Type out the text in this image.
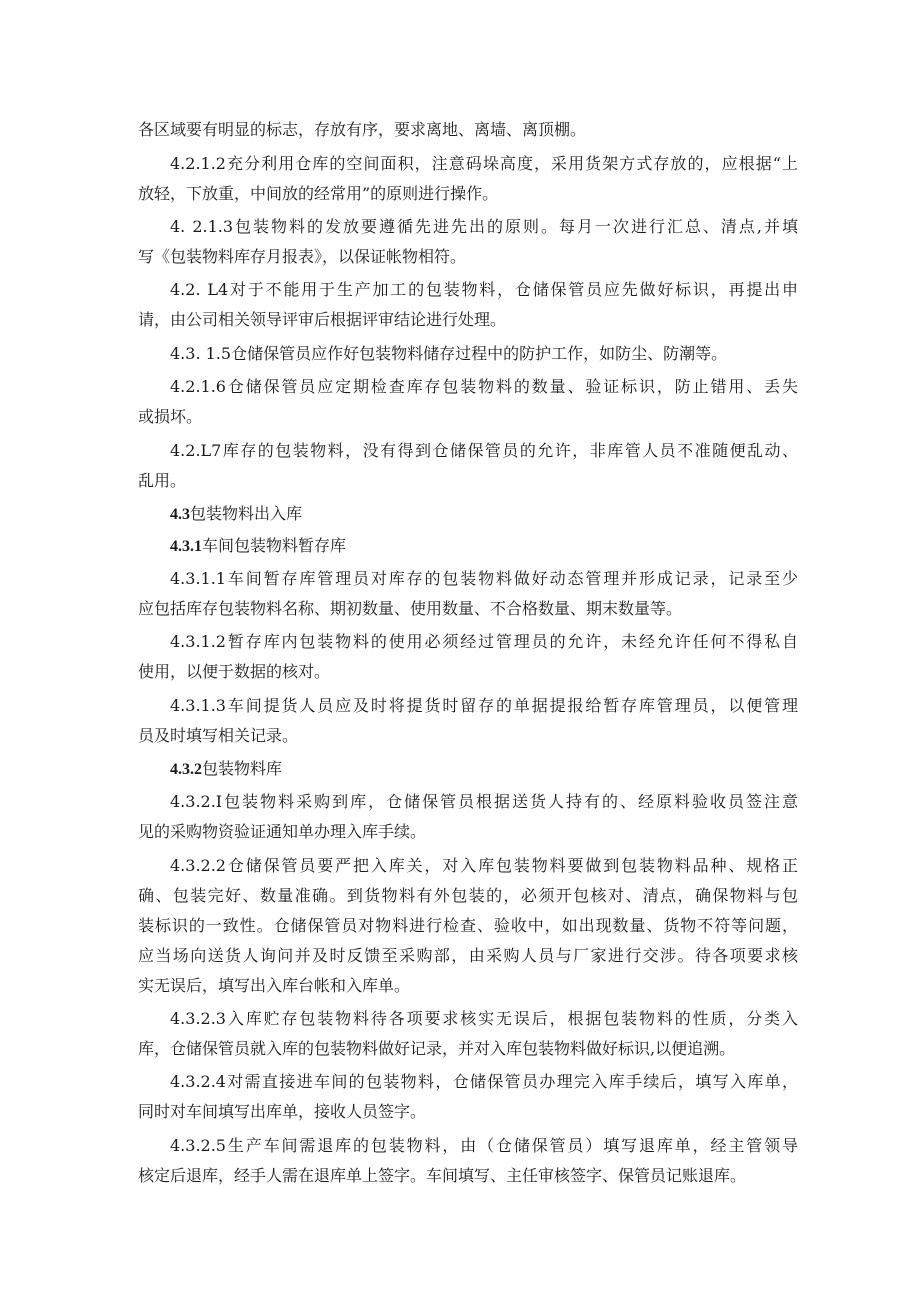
各区域要有明显的标志，存放有序，要求离地、离墙、离顶棚。
4.2.1.2充分利用仓库的空间面积，注意码垛高度，采用货架方式存放的，应根据“上
放轻，下放重，中间放的经常用”的原则进行操作。
4. 2.1.3包装物料的发放要遵循先进先出的原则。每月一次进行汇总、清点,并填
写《包装物料库存月报表》，以保证帐物相符。
4.2. L4对于不能用于生产加工的包装物料，仓储保管员应先做好标识，再提出申
请，由公司相关领导评审后根据评审结论进行处理。
4.3. 1.5仓储保管员应作好包装物料储存过程中的防护工作，如防尘、防潮等。
4.2.1.6仓储保管员应定期检查库存包装物料的数量、验证标识，防止错用、丢失
或损坏。
4.2.L7库存的包装物料，没有得到仓储保管员的允许，非库管人员不准随便乱动、
乱用。
4.3包装物料出入库
4.3.1车间包装物料暂存库
4.3.1.1车间暂存库管理员对库存的包装物料做好动态管理并形成记录，记录至少
应包括库存包装物料名称、期初数量、使用数量、不合格数量、期末数量等。
4.3.1.2暂存库内包装物料的使用必须经过管理员的允许，未经允许任何不得私自
使用，以便于数据的核对。
4.3.1.3车间提货人员应及时将提货时留存的单据提报给暂存库管理员，以便管理
员及时填写相关记录。
4.3.2包装物料库
4.3.2.I包装物料采购到库，仓储保管员根据送货人持有的、经原料验收员签注意
见的采购物资验证通知单办理入库手续。
4.3.2.2仓储保管员要严把入库关，对入库包装物料要做到包装物料品种、规格正
确、包装完好、数量准确。到货物料有外包装的，必须开包核对、清点，确保物料与包
装标识的一致性。仓储保管员对物料进行检查、验收中，如出现数量、货物不符等问题，
应当场向送货人询问并及时反馈至采购部，由采购人员与厂家进行交涉。待各项要求核
实无误后，填写出入库台帐和入库单。
4.3.2.3入库贮存包装物料待各项要求核实无误后，根据包装物料的性质，分类入
库，仓储保管员就入库的包装物料做好记录，并对入库包装物料做好标识,以便追溯。
4.3.2.4对需直接进车间的包装物料，仓储保管员办理完入库手续后，填写入库单，
同时对车间填写出库单，接收人员签字。
4.3.2.5生产车间需退库的包装物料，由（仓储保管员）填写退库单，经主管领导
核定后退库，经手人需在退库单上签字。车间填写、主任审核签字、保管员记账退库。
